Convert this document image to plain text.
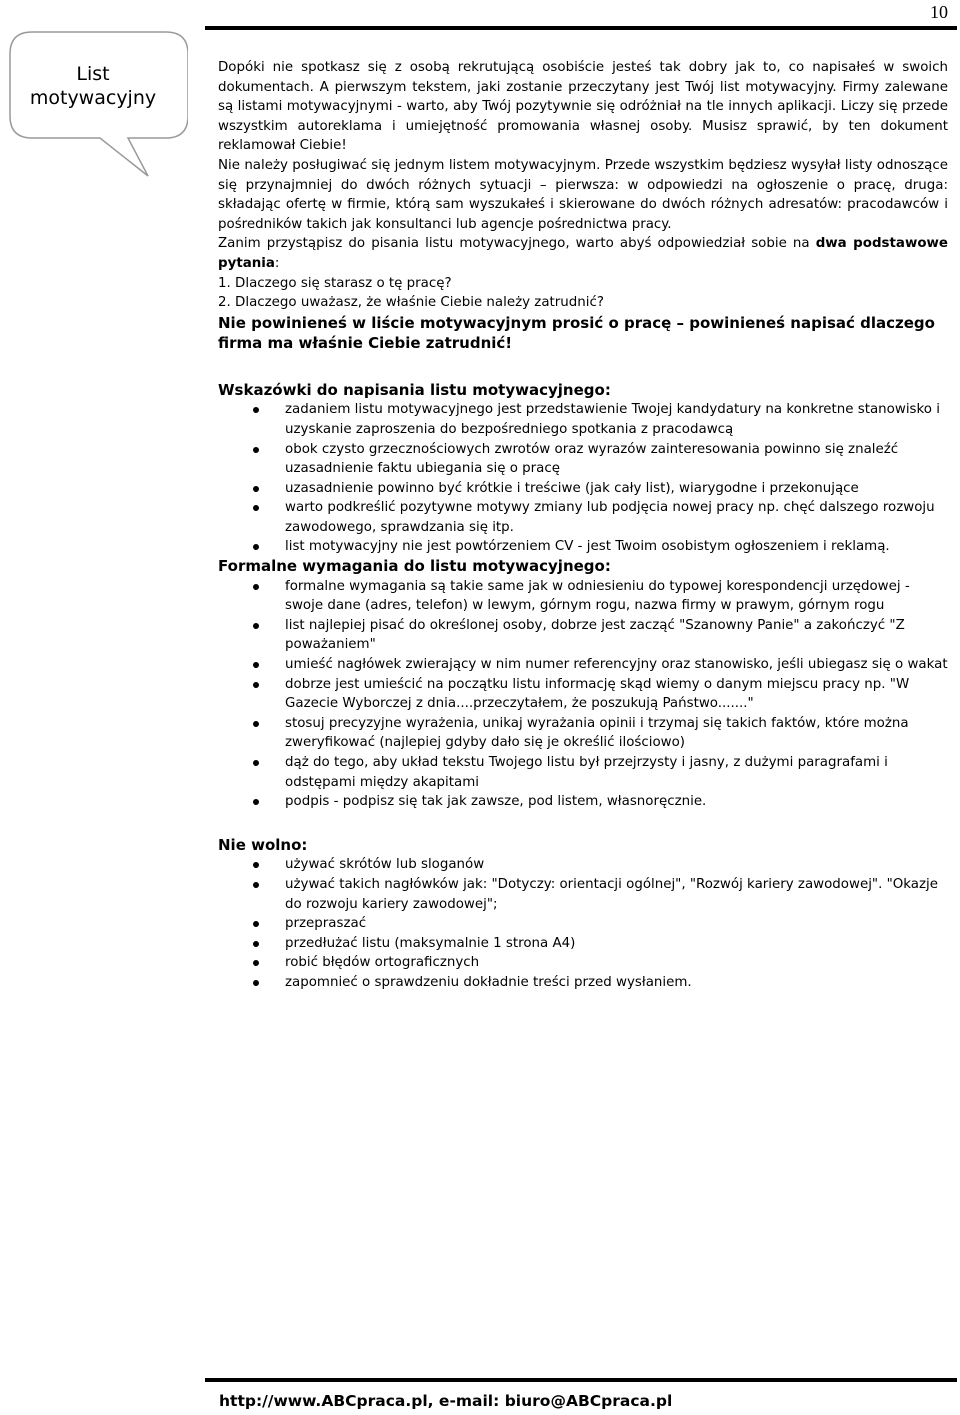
10
List
motywacyjny

Dopóki nie spotkasz się z osobą rekrutującą osobiście jesteś tak dobry jak to, co napisałeś w swoich dokumentach. A pierwszym tekstem, jaki zostanie przeczytany jest Twój list motywacyjny. Firmy zalewane są listami motywacyjnymi - warto, aby Twój pozytywnie się odróżniał na tle innych aplikacji. Liczy się przede wszystkim autoreklama i umiejętność promowania własnej osoby. Musisz sprawić, by ten dokument reklamował Ciebie!

Nie należy posługiwać się jednym listem motywacyjnym. Przede wszystkim będziesz wysyłał listy odnoszące się przynajmniej do dwóch różnych sytuacji – pierwsza: w odpowiedzi na ogłoszenie o pracę, druga: składając ofertę w firmie, którą sam wyszukałeś i skierowane do dwóch różnych adresatów: pracodawców i pośredników takich jak konsultanci lub agencje pośrednictwa pracy.

Zanim przystąpisz do pisania listu motywacyjnego, warto abyś odpowiedział sobie na dwa podstawowe pytania:

1. Dlaczego się starasz o tę pracę?

2. Dlaczego uważasz, że właśnie Ciebie należy zatrudnić?

Nie powinieneś w liście motywacyjnym prosić o pracę – powinieneś napisać dlaczego firma ma właśnie Ciebie zatrudnić!

Wskazówki do napisania listu motywacyjnego:

zadaniem listu motywacyjnego jest przedstawienie Twojej kandydatury na konkretne stanowisko i uzyskanie zaproszenia do bezpośredniego spotkania z pracodawcą
obok czysto grzecznościowych zwrotów oraz wyrazów zainteresowania powinno się znaleźć uzasadnienie faktu ubiegania się o pracę
uzasadnienie powinno być krótkie i treściwe (jak cały list), wiarygodne i przekonujące
warto podkreślić pozytywne motywy zmiany lub podjęcia nowej pracy np. chęć dalszego rozwoju zawodowego, sprawdzania się itp.
list motywacyjny nie jest powtórzeniem CV - jest Twoim osobistym ogłoszeniem i reklamą.

Formalne wymagania do listu motywacyjnego:

formalne wymagania są takie same jak w odniesieniu do typowej korespondencji urzędowej - swoje dane (adres, telefon) w lewym, górnym rogu, nazwa firmy w prawym, górnym rogu
list najlepiej pisać do określonej osoby, dobrze jest zacząć "Szanowny Panie" a zakończyć "Z poważaniem"
umieść nagłówek zwierający w nim numer referencyjny oraz stanowisko, jeśli ubiegasz się o wakat
dobrze jest umieścić na początku listu informację skąd wiemy o danym miejscu pracy np. "W Gazecie Wyborczej z dnia....przeczytałem, że poszukują Państwo......."
stosuj precyzyjne wyrażenia, unikaj wyrażania opinii i trzymaj się takich faktów, które można zweryfikować (najlepiej gdyby dało się je określić ilościowo)
dąż do tego, aby układ tekstu Twojego listu był przejrzysty i jasny, z dużymi paragrafami i odstępami między akapitami
podpis - podpisz się tak jak zawsze, pod listem, własnoręcznie.

Nie wolno:

używać skrótów lub sloganów
używać takich nagłówków jak: "Dotyczy: orientacji ogólnej", "Rozwój kariery zawodowej". "Okazje do rozwoju kariery zawodowej";
przepraszać
przedłużać listu (maksymalnie 1 strona A4)
robić błędów ortograficznych
zapomnieć o sprawdzeniu dokładnie treści przed wysłaniem.
http://www.ABCpraca.pl, e-mail: biuro@ABCpraca.pl
